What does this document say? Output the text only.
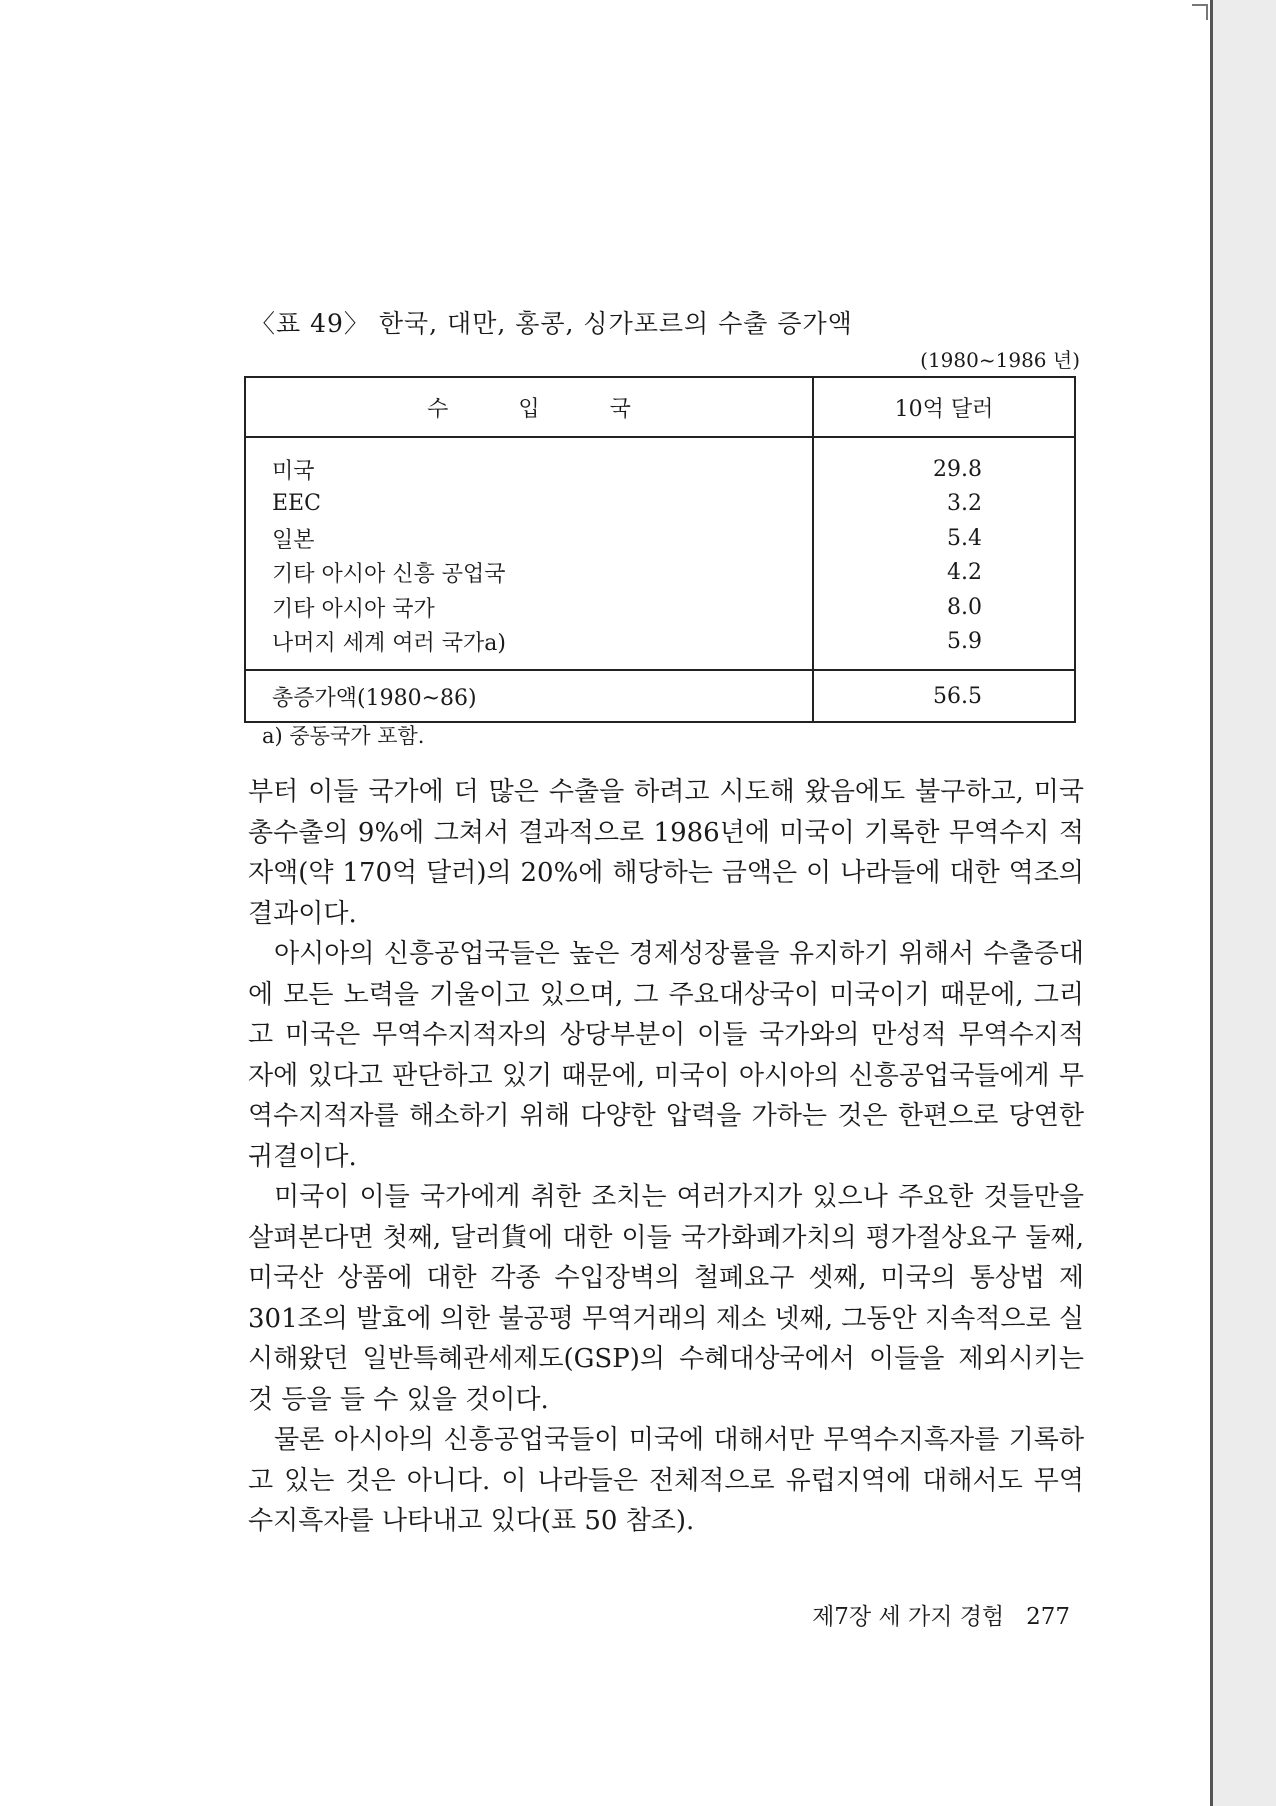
〈표 49〉 한국, 대만, 홍콩, 싱가포르의 수출 증가액
(1980~1986 년)
수입국	10억 달러
미국	29.8
EEC	3.2
일본	5.4
기타 아시아 신흥 공업국	4.2
기타 아시아 국가	8.0
나머지 세계 여러 국가a)	5.9
총증가액(1980~86)	56.5
a) 중동국가 포함.

부터 이들 국가에 더 많은 수출을 하려고 시도해 왔음에도 불구하고, 미국 총수출의 9%에 그쳐서 결과적으로 1986년에 미국이 기록한 무역수지 적자액(약 170억 달러)의 20%에 해당하는 금액은 이 나라들에 대한 역조의 결과이다.

아시아의 신흥공업국들은 높은 경제성장률을 유지하기 위해서 수출증대에 모든 노력을 기울이고 있으며, 그 주요대상국이 미국이기 때문에, 그리고 미국은 무역수지적자의 상당부분이 이들 국가와의 만성적 무역수지적자에 있다고 판단하고 있기 때문에, 미국이 아시아의 신흥공업국들에게 무역수지적자를 해소하기 위해 다양한 압력을 가하는 것은 한편으로 당연한 귀결이다.

미국이 이들 국가에게 취한 조치는 여러가지가 있으나 주요한 것들만을 살펴본다면 첫째, 달러貨에 대한 이들 국가화폐가치의 평가절상요구 둘째, 미국산 상품에 대한 각종 수입장벽의 철폐요구 셋째, 미국의 통상법 제 301조의 발효에 의한 불공평 무역거래의 제소 넷째, 그동안 지속적으로 실시해왔던 일반특혜관세제도(GSP)의 수혜대상국에서 이들을 제외시키는 것 등을 들 수 있을 것이다.

물론 아시아의 신흥공업국들이 미국에 대해서만 무역수지흑자를 기록하고 있는 것은 아니다. 이 나라들은 전체적으로 유럽지역에 대해서도 무역수지흑자를 나타내고 있다(표 50 참조).

제7장 세 가지 경험 277
